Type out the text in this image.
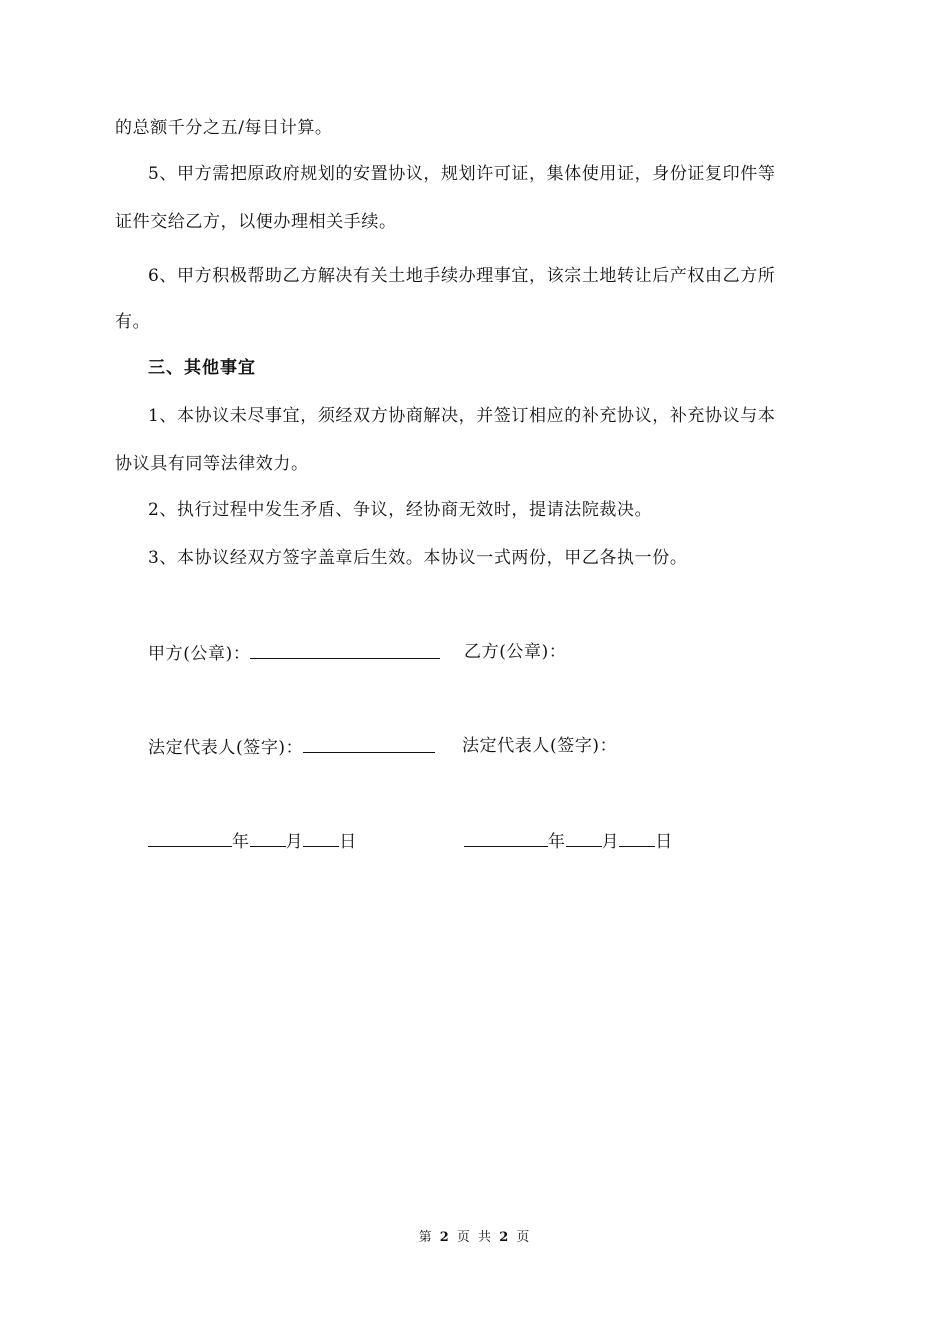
的总额千分之五/每日计算。
5、甲方需把原政府规划的安置协议，规划许可证，集体使用证，身份证复印件等
证件交给乙方，以便办理相关手续。
6、甲方积极帮助乙方解决有关土地手续办理事宜，该宗土地转让后产权由乙方所
有。
三、其他事宜
1、本协议未尽事宜，须经双方协商解决，并签订相应的补充协议，补充协议与本
协议具有同等法律效力。
2、执行过程中发生矛盾、争议，经协商无效时，提请法院裁决。
3、本协议经双方签字盖章后生效。本协议一式两份，甲乙各执一份。
甲方(公章)：	乙方(公章)：
法定代表人(签字)：	法定代表人(签字)：
年 月 日	年 月 日
第 2 页 共 2 页
